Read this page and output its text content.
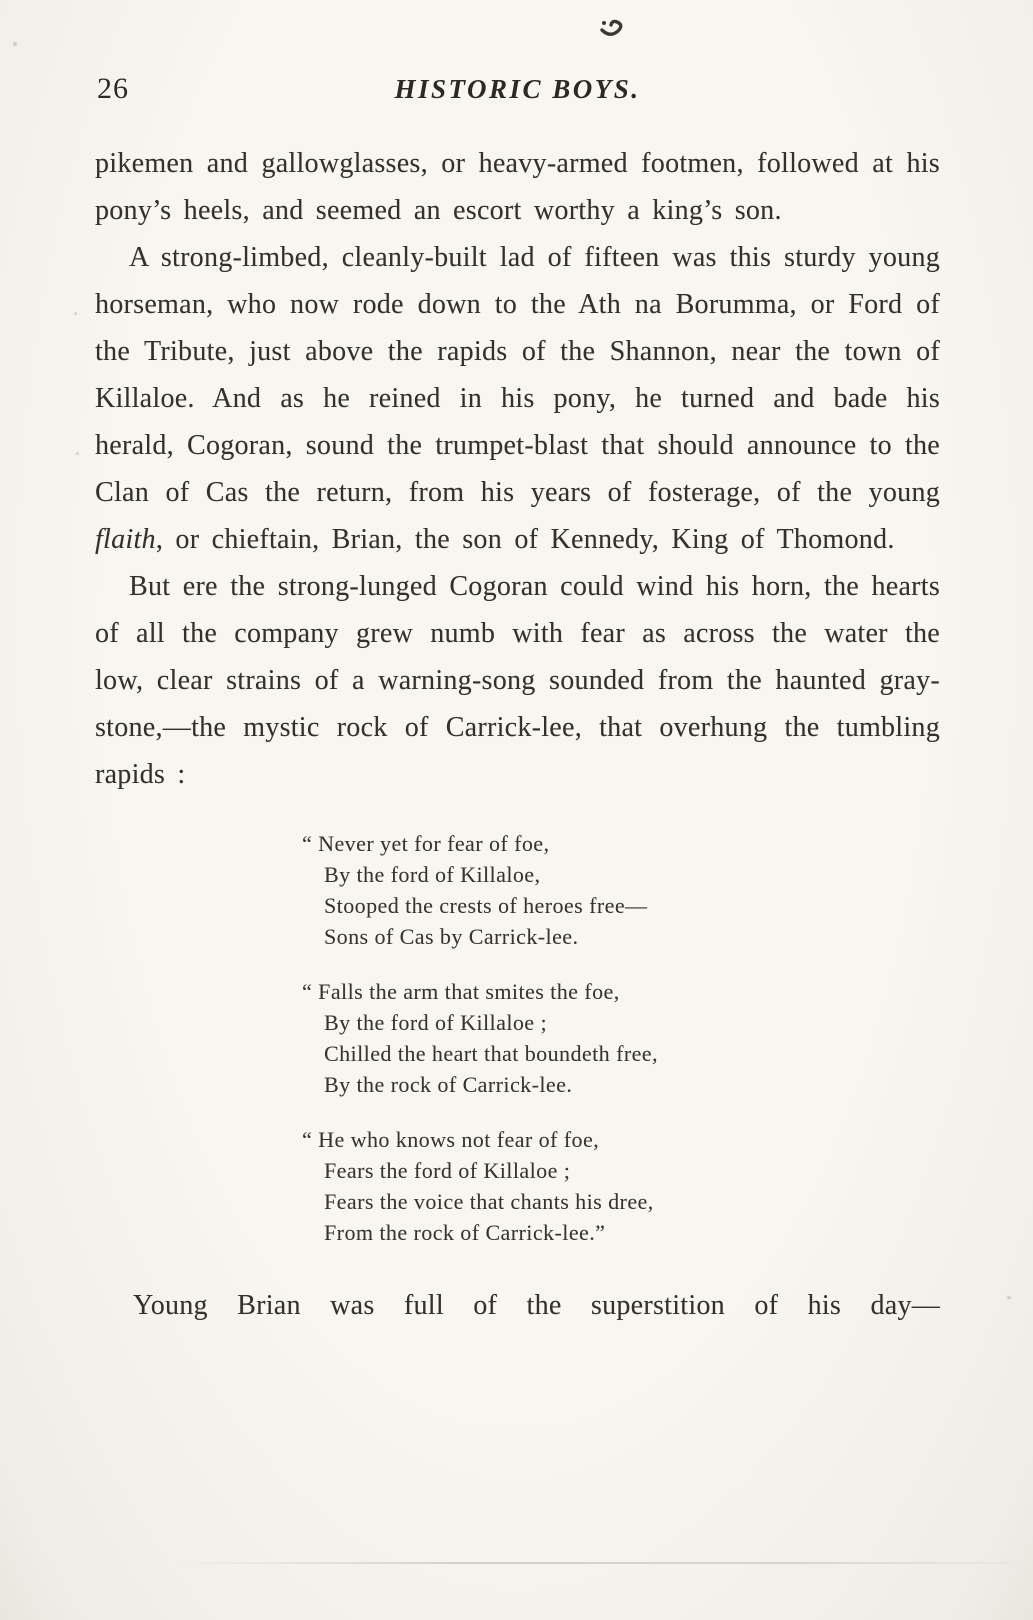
26	HISTORIC BOYS.

pikemen and gallowglasses, or heavy-armed footmen, followed at his pony’s heels, and seemed an escort worthy a king’s son.

A strong-limbed, cleanly-built lad of fifteen was this sturdy young horseman, who now rode down to the Ath na Borumma, or Ford of the Tribute, just above the rapids of the Shannon, near the town of Killaloe. And as he reined in his pony, he turned and bade his herald, Cogoran, sound the trumpet-blast that should announce to the Clan of Cas the return, from his years of fosterage, of the young flaith, or chieftain, Brian, the son of Kennedy, King of Thomond.

But ere the strong-lunged Cogoran could wind his horn, the hearts of all the company grew numb with fear as across the water the low, clear strains of a warning-song sounded from the haunted gray-stone,—the mystic rock of Carrick-lee, that overhung the tumbling rapids :

“ Never yet for fear of foe,
By the ford of Killaloe,
Stooped the crests of heroes free—
Sons of Cas by Carrick-lee.
“ Falls the arm that smites the foe,
By the ford of Killaloe ;
Chilled the heart that boundeth free,
By the rock of Carrick-lee.
“ He who knows not fear of foe,
Fears the ford of Killaloe ;
Fears the voice that chants his dree,
From the rock of Carrick-lee.”

Young Brian was full of the superstition of his day—
